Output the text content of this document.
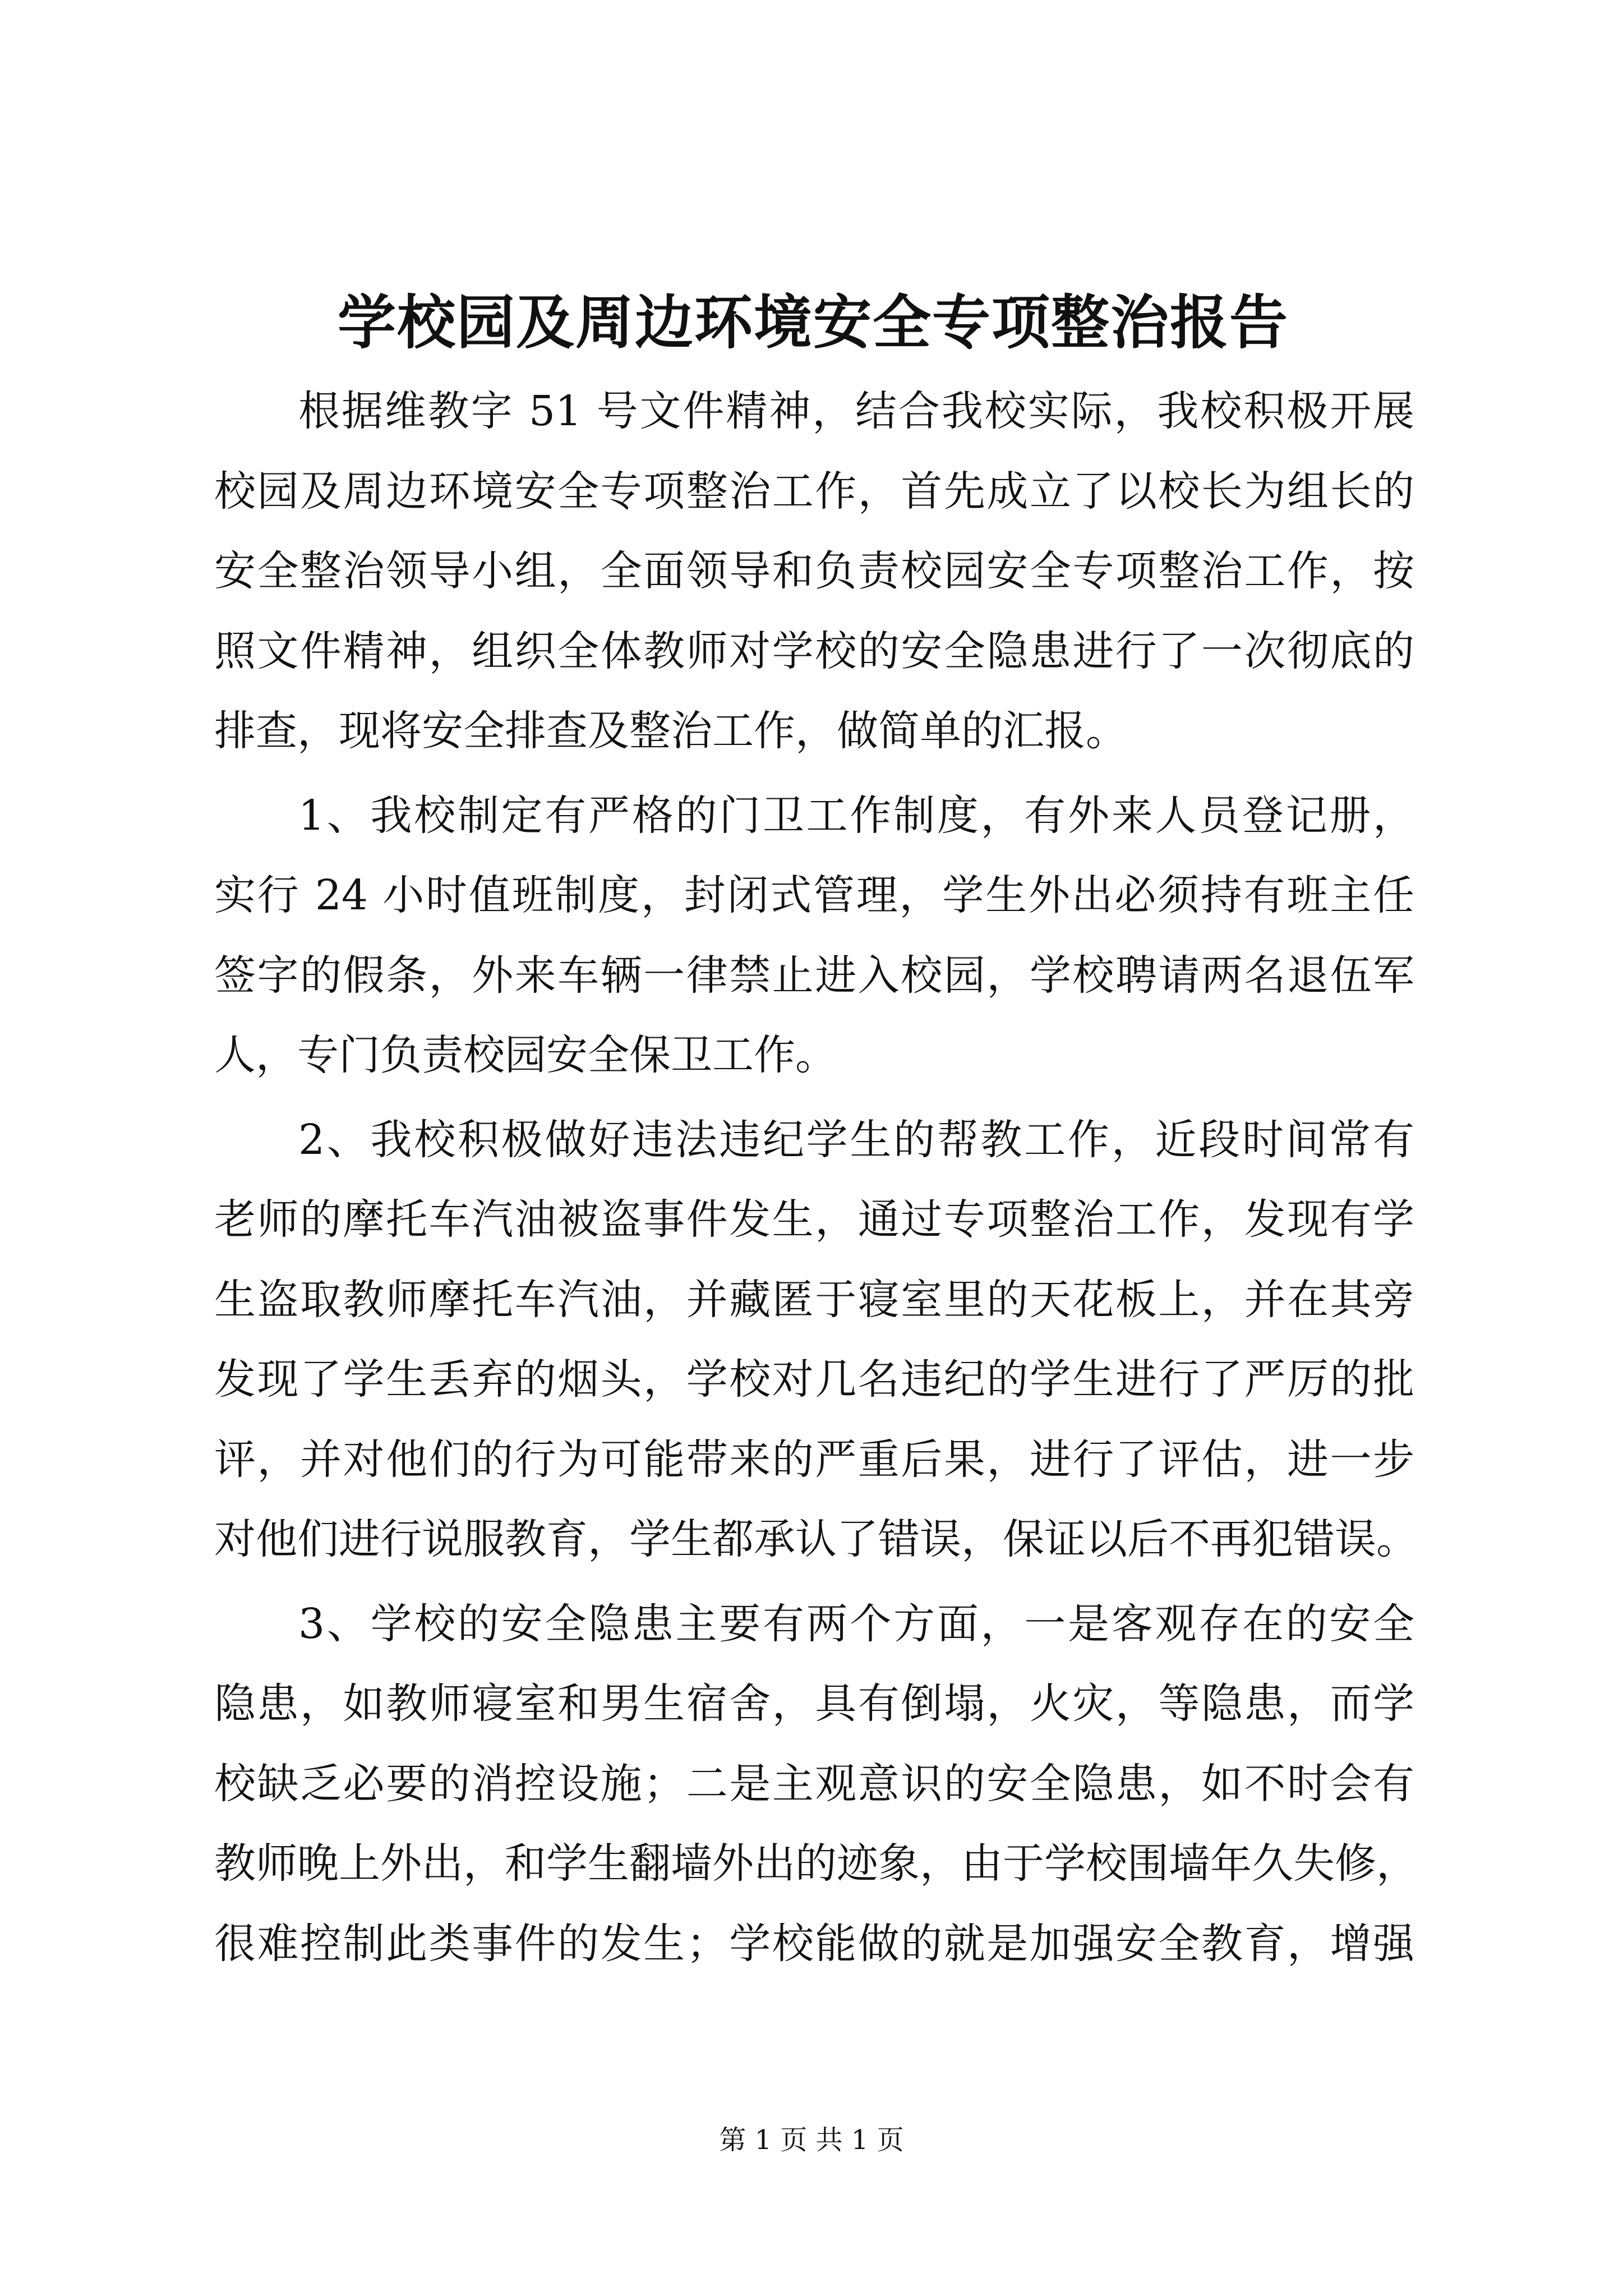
学校园及周边环境安全专项整治报告

根据维教字 51 号文件精神，结合我校实际，我校积极开展
校园及周边环境安全专项整治工作，首先成立了以校长为组长的
安全整治领导小组，全面领导和负责校园安全专项整治工作，按
照文件精神，组织全体教师对学校的安全隐患进行了一次彻底的
排查，现将安全排查及整治工作，做简单的汇报。

1、我校制定有严格的门卫工作制度，有外来人员登记册，
实行 24 小时值班制度，封闭式管理，学生外出必须持有班主任
签字的假条，外来车辆一律禁止进入校园，学校聘请两名退伍军
人，专门负责校园安全保卫工作。

2、我校积极做好违法违纪学生的帮教工作，近段时间常有
老师的摩托车汽油被盗事件发生，通过专项整治工作，发现有学
生盗取教师摩托车汽油，并藏匿于寝室里的天花板上，并在其旁
发现了学生丢弃的烟头，学校对几名违纪的学生进行了严厉的批
评，并对他们的行为可能带来的严重后果，进行了评估，进一步
对他们进行说服教育，学生都承认了错误，保证以后不再犯错误。

3、学校的安全隐患主要有两个方面，一是客观存在的安全
隐患，如教师寝室和男生宿舍，具有倒塌，火灾，等隐患，而学
校缺乏必要的消控设施；二是主观意识的安全隐患，如不时会有
教师晚上外出，和学生翻墙外出的迹象，由于学校围墙年久失修，
很难控制此类事件的发生；学校能做的就是加强安全教育，增强

第 1 页 共 1 页
